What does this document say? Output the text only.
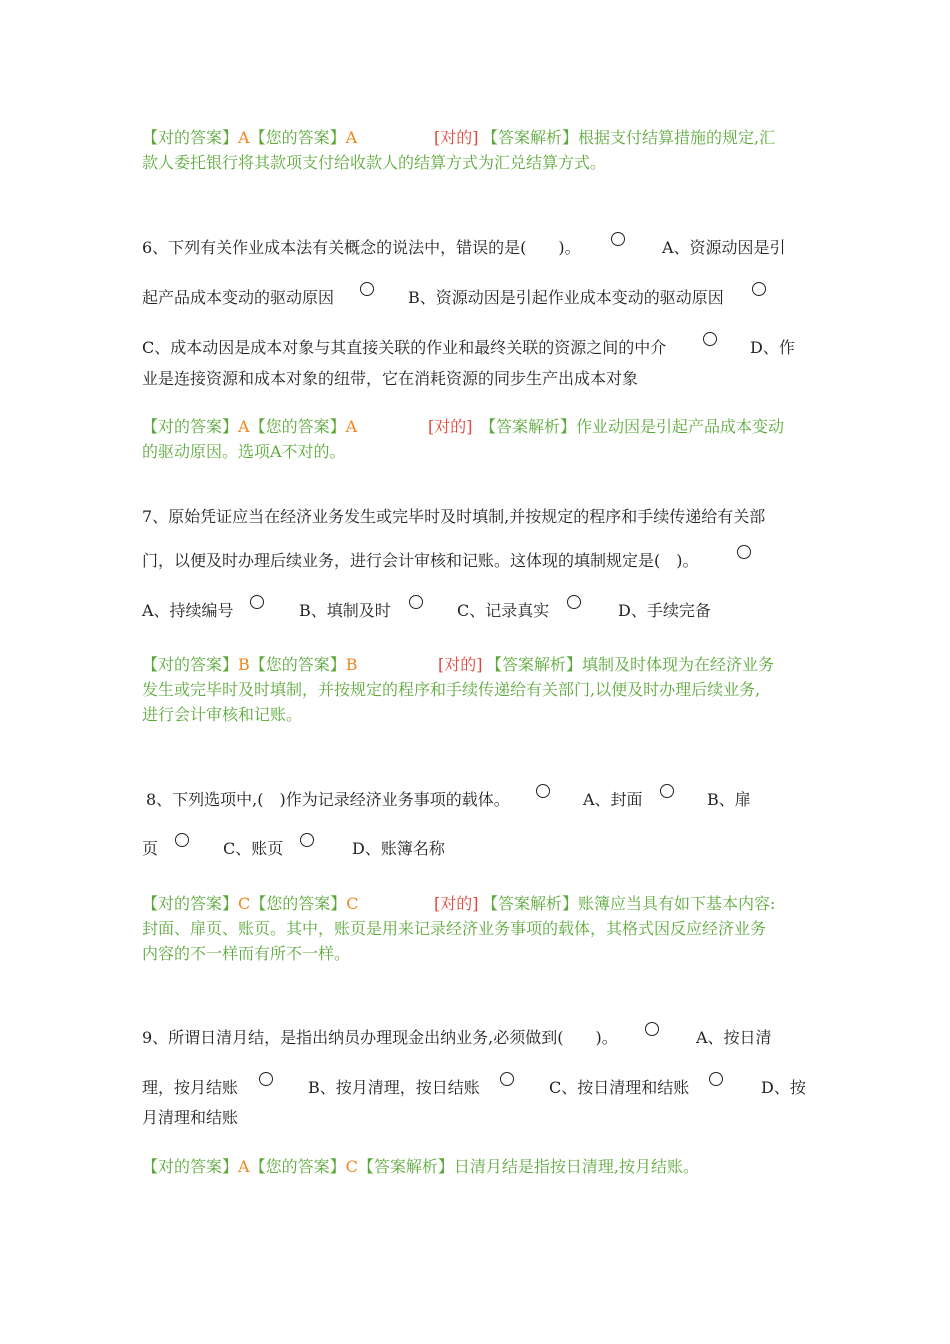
【对的答案】A【您的答案】A	[对的] 【答案解析】根据支付结算措施的规定,汇
款人委托银行将其款项支付给收款人的结算方式为汇兑结算方式。
6、下列有关作业成本法有关概念的说法中，错误的是(　　)。	A、资源动因是引
起产品成本变动的驱动原因	B、资源动因是引起作业成本变动的驱动原因
C、成本动因是成本对象与其直接关联的作业和最终关联的资源之间的中介	D、作
业是连接资源和成本对象的纽带，它在消耗资源的同步生产出成本对象
【对的答案】A【您的答案】A	[对的] 【答案解析】作业动因是引起产品成本变动
的驱动原因。选项A不对的。
7、原始凭证应当在经济业务发生或完毕时及时填制,并按规定的程序和手续传递给有关部
门，以便及时办理后续业务，进行会计审核和记账。这体现的填制规定是(　)。
A、持续编号	B、填制及时	C、记录真实	D、手续完备
【对的答案】B【您的答案】B	[对的] 【答案解析】填制及时体现为在经济业务
发生或完毕时及时填制，并按规定的程序和手续传递给有关部门,以便及时办理后续业务,
进行会计审核和记账。
8、下列选项中,(　)作为记录经济业务事项的载体。	A、封面	B、扉
页	C、账页	D、账簿名称
【对的答案】C【您的答案】C	[对的] 【答案解析】账簿应当具有如下基本内容:
封面、扉页、账页。其中，账页是用来记录经济业务事项的载体，其格式因反应经济业务
内容的不一样而有所不一样。
9、所谓日清月结，是指出纳员办理现金出纳业务,必须做到(　　)。	A、按日清
理，按月结账	B、按月清理，按日结账	C、按日清理和结账	D、按
月清理和结账
【对的答案】A【您的答案】C【答案解析】日清月结是指按日清理,按月结账。
